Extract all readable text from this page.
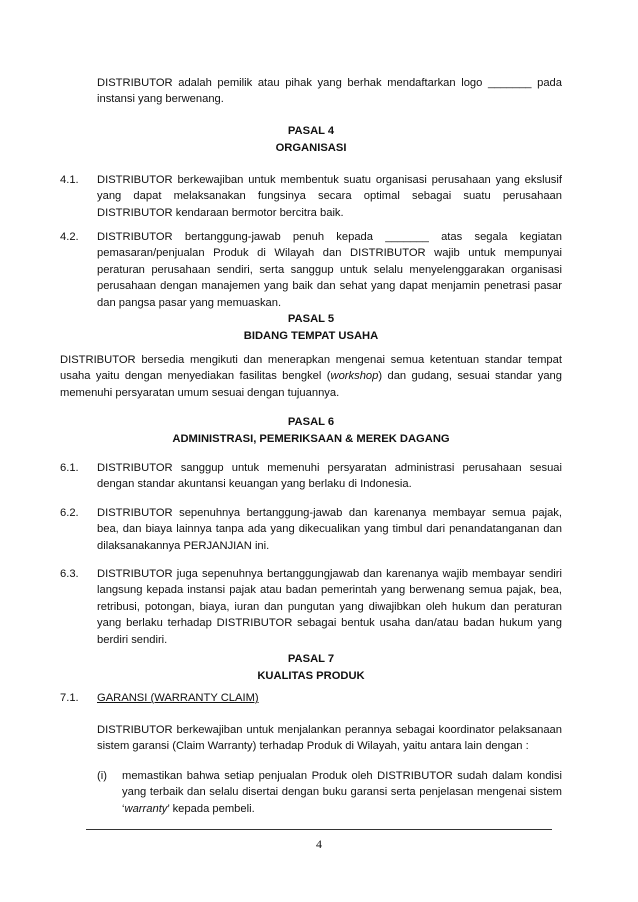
DISTRIBUTOR adalah pemilik atau pihak yang berhak mendaftarkan logo _______ pada instansi yang berwenang.
PASAL 4
ORGANISASI
4.1. DISTRIBUTOR berkewajiban untuk membentuk suatu organisasi perusahaan yang ekslusif yang dapat melaksanakan fungsinya secara optimal sebagai suatu perusahaan DISTRIBUTOR kendaraan bermotor bercitra baik.
4.2. DISTRIBUTOR bertanggung-jawab penuh kepada _______ atas segala kegiatan pemasaran/penjualan Produk di Wilayah dan DISTRIBUTOR wajib untuk mempunyai peraturan perusahaan sendiri, serta sanggup untuk selalu menyelenggarakan organisasi perusahaan dengan manajemen yang baik dan sehat yang dapat menjamin penetrasi pasar dan pangsa pasar yang memuaskan.
PASAL 5
BIDANG TEMPAT USAHA
DISTRIBUTOR bersedia mengikuti dan menerapkan mengenai semua ketentuan standar tempat usaha yaitu dengan menyediakan fasilitas bengkel (workshop) dan gudang, sesuai standar yang memenuhi persyaratan umum sesuai dengan tujuannya.
PASAL 6
ADMINISTRASI, PEMERIKSAAN & MEREK DAGANG
6.1. DISTRIBUTOR sanggup untuk memenuhi persyaratan administrasi perusahaan sesuai dengan standar akuntansi keuangan yang berlaku di Indonesia.
6.2. DISTRIBUTOR sepenuhnya bertanggung-jawab dan karenanya membayar semua pajak, bea, dan biaya lainnya tanpa ada yang dikecualikan yang timbul dari penandatanganan dan dilaksanakannya PERJANJIAN ini.
6.3. DISTRIBUTOR juga sepenuhnya bertanggungjawab dan karenanya wajib membayar sendiri langsung kepada instansi pajak atau badan pemerintah yang berwenang semua pajak, bea, retribusi, potongan, biaya, iuran dan pungutan yang diwajibkan oleh hukum dan peraturan yang berlaku terhadap DISTRIBUTOR sebagai bentuk usaha dan/atau badan hukum yang berdiri sendiri.
PASAL 7
KUALITAS PRODUK
7.1. GARANSI (WARRANTY CLAIM)
DISTRIBUTOR berkewajiban untuk menjalankan perannya sebagai koordinator pelaksanaan sistem garansi (Claim Warranty) terhadap Produk di Wilayah, yaitu antara lain dengan :
(i)	memastikan bahwa setiap penjualan Produk oleh DISTRIBUTOR sudah dalam kondisi yang terbaik dan selalu disertai dengan buku garansi serta penjelasan mengenai sistem ‘warranty’ kepada pembeli.
4
